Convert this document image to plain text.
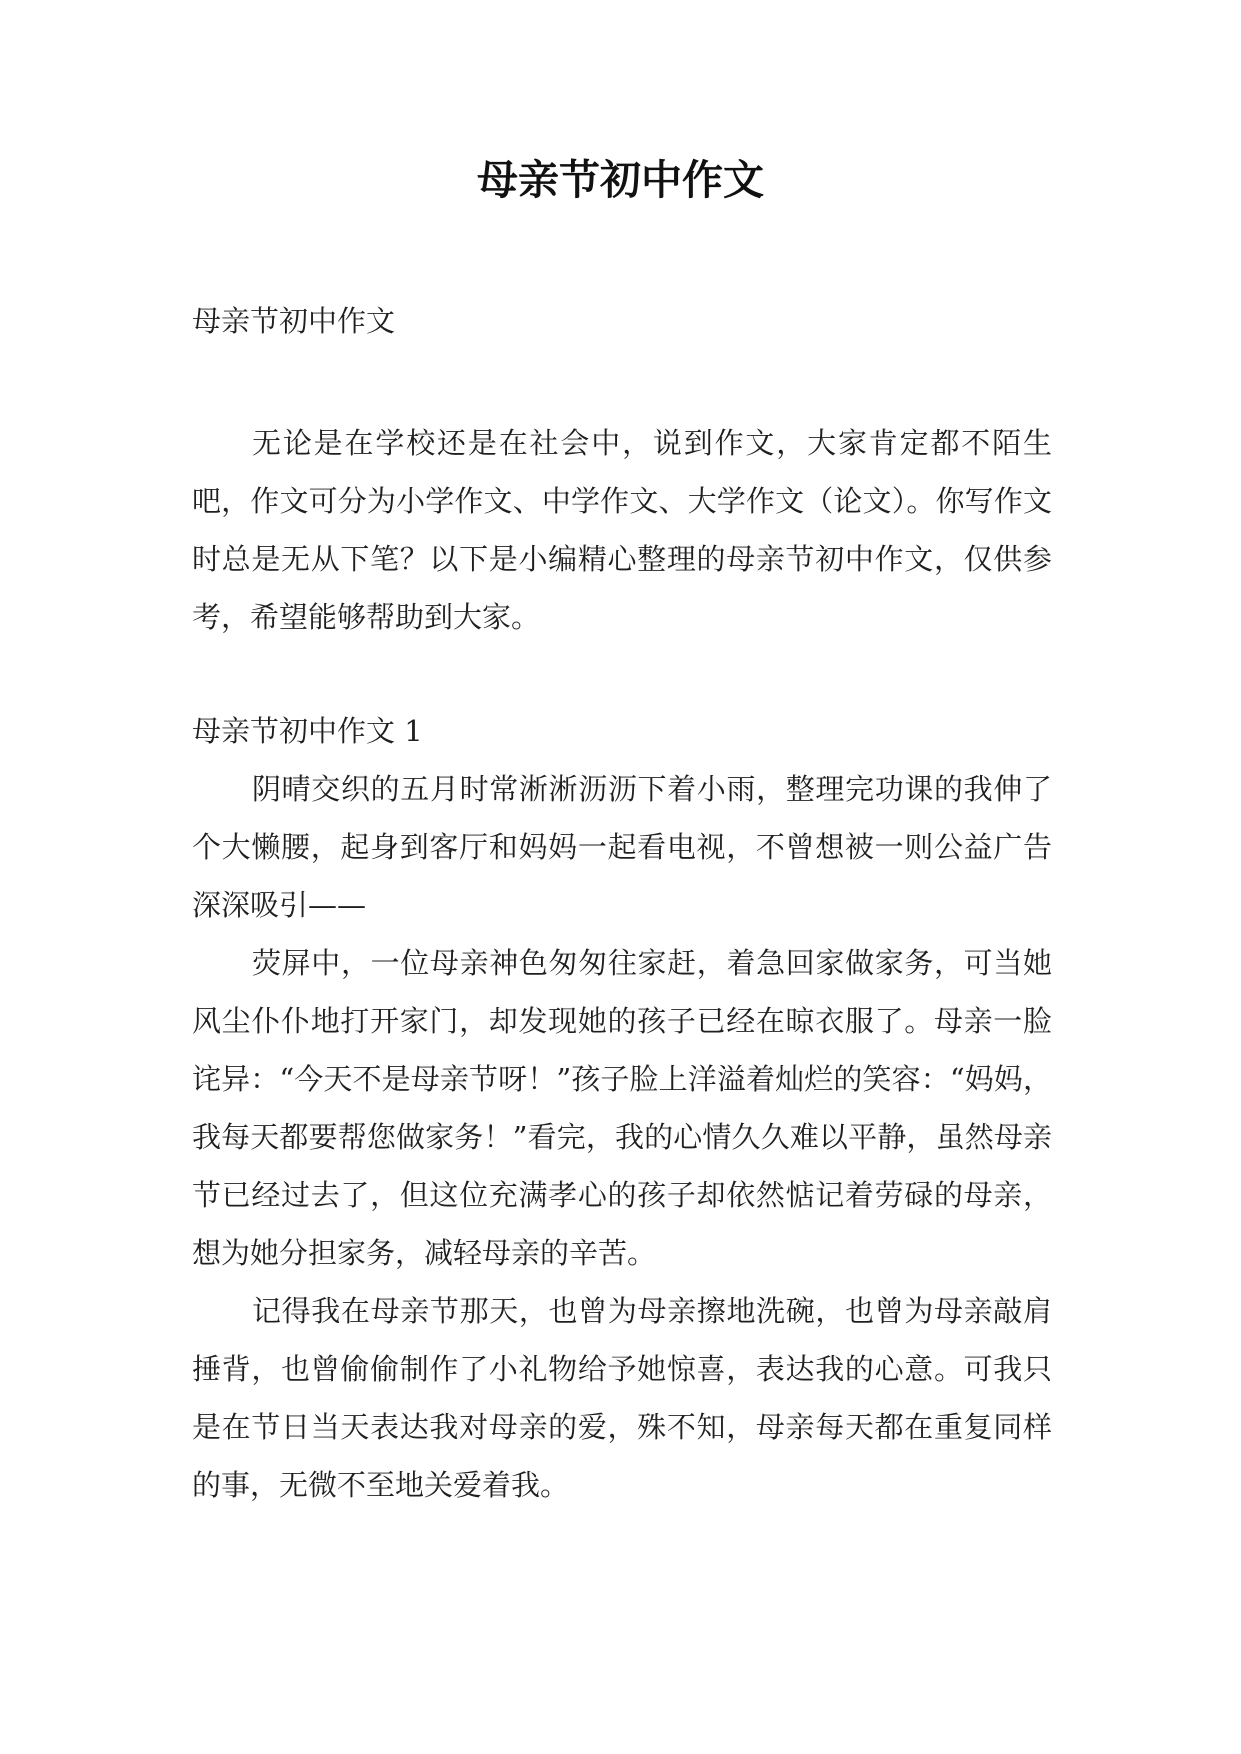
母亲节初中作文

母亲节初中作文

无论是在学校还是在社会中，说到作文，大家肯定都不陌生吧，作文可分为小学作文、中学作文、大学作文（论文）。你写作文时总是无从下笔？以下是小编精心整理的母亲节初中作文，仅供参考，希望能够帮助到大家。

母亲节初中作文 1

阴晴交织的五月时常淅淅沥沥下着小雨，整理完功课的我伸了个大懒腰，起身到客厅和妈妈一起看电视，不曾想被一则公益广告深深吸引——

荧屏中，一位母亲神色匆匆往家赶，着急回家做家务，可当她风尘仆仆地打开家门，却发现她的孩子已经在晾衣服了。母亲一脸诧异：“今天不是母亲节呀！”孩子脸上洋溢着灿烂的笑容：“妈妈，我每天都要帮您做家务！”看完，我的心情久久难以平静，虽然母亲节已经过去了，但这位充满孝心的孩子却依然惦记着劳碌的母亲，想为她分担家务，减轻母亲的辛苦。

记得我在母亲节那天，也曾为母亲擦地洗碗，也曾为母亲敲肩捶背，也曾偷偷制作了小礼物给予她惊喜，表达我的心意。可我只是在节日当天表达我对母亲的爱，殊不知，母亲每天都在重复同样的事，无微不至地关爱着我。
